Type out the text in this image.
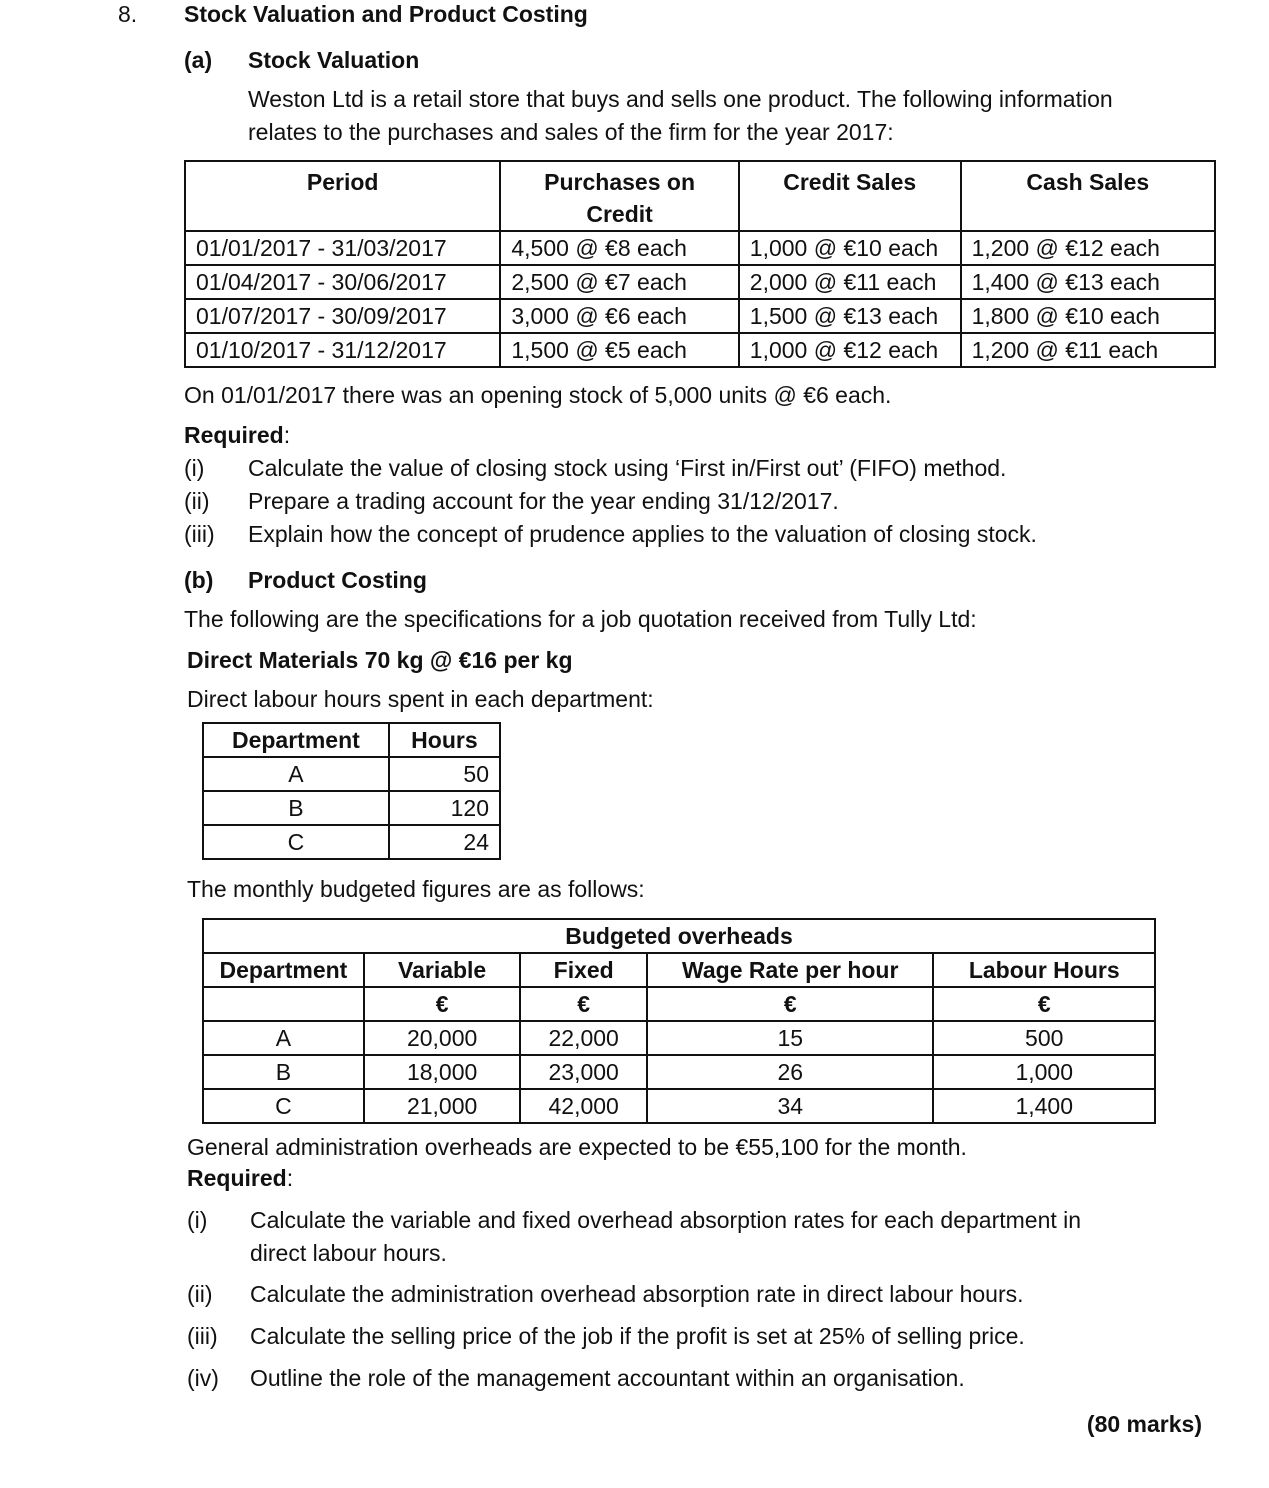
8. Stock Valuation and Product Costing
(a) Stock Valuation
Weston Ltd is a retail store that buys and sells one product. The following information
relates to the purchases and sales of the firm for the year 2017:
Period	Purchases on Credit	Credit Sales	Cash Sales
01/01/2017 - 31/03/2017	4,500 @ €8 each	1,000 @ €10 each	1,200 @ €12 each
01/04/2017 - 30/06/2017	2,500 @ €7 each	2,000 @ €11 each	1,400 @ €13 each
01/07/2017 - 30/09/2017	3,000 @ €6 each	1,500 @ €13 each	1,800 @ €10 each
01/10/2017 - 31/12/2017	1,500 @ €5 each	1,000 @ €12 each	1,200 @ €11 each
On 01/01/2017 there was an opening stock of 5,000 units @ €6 each.
Required:
(i) Calculate the value of closing stock using ‘First in/First out’ (FIFO) method.
(ii) Prepare a trading account for the year ending 31/12/2017.
(iii) Explain how the concept of prudence applies to the valuation of closing stock.
(b) Product Costing
The following are the specifications for a job quotation received from Tully Ltd:
Direct Materials 70 kg @ €16 per kg
Direct labour hours spent in each department:
Department	Hours
A	50
B	120
C	24
The monthly budgeted figures are as follows:
Budgeted overheads				
Department	Variable	Fixed	Wage Rate per hour	Labour Hours
	€	€	€	€
A	20,000	22,000	15	500
B	18,000	23,000	26	1,000
C	21,000	42,000	34	1,400
General administration overheads are expected to be €55,100 for the month.
Required:
(i) Calculate the variable and fixed overhead absorption rates for each department in
direct labour hours.
(ii) Calculate the administration overhead absorption rate in direct labour hours.
(iii) Calculate the selling price of the job if the profit is set at 25% of selling price.
(iv) Outline the role of the management accountant within an organisation.
(80 marks)
